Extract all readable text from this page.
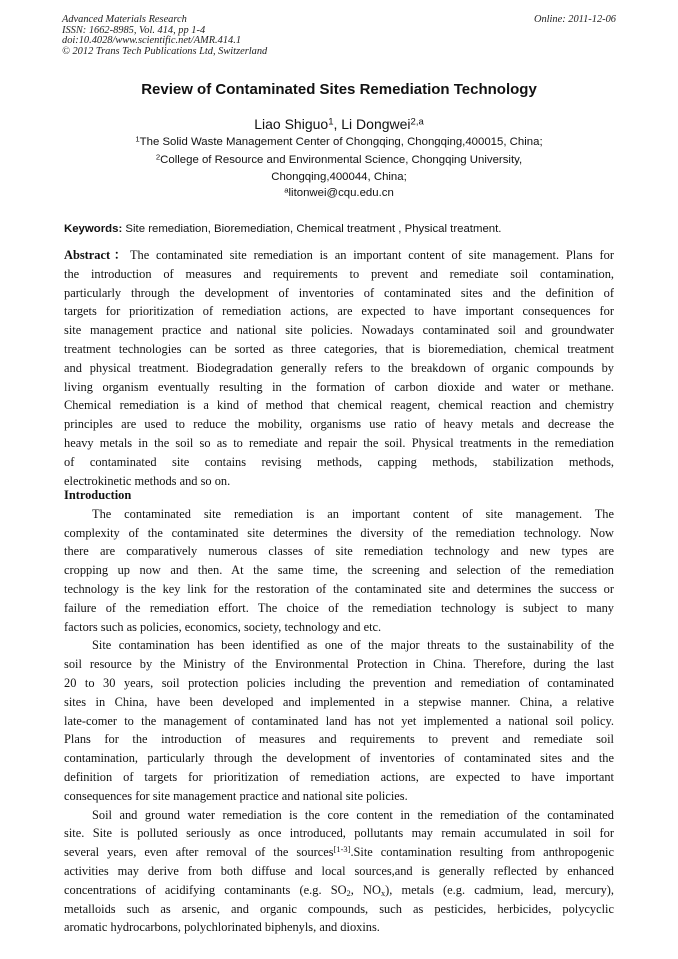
Advanced Materials Research
ISSN: 1662-8985, Vol. 414, pp 1-4
doi:10.4028/www.scientific.net/AMR.414.1
© 2012 Trans Tech Publications Ltd, Switzerland
Online: 2011-12-06
Review of Contaminated Sites Remediation Technology
Liao Shiguo$^1$, Li Dongwei$^{2,a}$
$^1$The Solid Waste Management Center of Chongqing, Chongqing,400015, China;
$^2$College of Resource and Environmental Science, Chongqing University,
Chongqing,400044, China;
$^a$litonwei@cqu.edu.cn
Keywords: Site remediation, Bioremediation, Chemical treatment , Physical treatment.
Abstract：The contaminated site remediation is an important content of site management. Plans for
the introduction of measures and requirements to prevent and remediate soil contamination,
particularly through the development of inventories of contaminated sites and the definition of
targets for prioritization of remediation actions, are expected to have important consequences for
site management practice and national site policies. Nowadays contaminated soil and groundwater
treatment technologies can be sorted as three categories, that is bioremediation, chemical treatment
and physical treatment. Biodegradation generally refers to the breakdown of organic compounds by
living organism eventually resulting in the formation of carbon dioxide and water or methane.
Chemical remediation is a kind of method that chemical reagent, chemical reaction and chemistry
principles are used to reduce the mobility, organisms use ratio of heavy metals and decrease the
heavy metals in the soil so as to remediate and repair the soil. Physical treatments in the remediation
of contaminated site contains revising methods, capping methods, stabilization methods,
electrokinetic methods and so on.
Introduction
The contaminated site remediation is an important content of site management. The
complexity of the contaminated site determines the diversity of the remediation technology. Now
there are comparatively numerous classes of site remediation technology and new types are
cropping up now and then. At the same time, the screening and selection of the remediation
technology is the key link for the restoration of the contaminated site and determines the success or
failure of the remediation effort. The choice of the remediation technology is subject to many
factors such as policies, economics, society, technology and etc.
Site contamination has been identified as one of the major threats to the sustainability of the
soil resource by the Ministry of the Environmental Protection in China. Therefore, during the last
20 to 30 years, soil protection policies including the prevention and remediation of contaminated
sites in China, have been developed and implemented in a stepwise manner. China, a relative
late-comer to the management of contaminated land has not yet implemented a national soil policy.
Plans for the introduction of measures and requirements to prevent and remediate soil
contamination, particularly through the development of inventories of contaminated sites and the
definition of targets for prioritization of remediation actions, are expected to have important
consequences for site management practice and national site policies.
Soil and ground water remediation is the core content in the remediation of the contaminated
site. Site is polluted seriously as once introduced, pollutants may remain accumulated in soil for
several years, even after removal of the sources[1-3].Site contamination resulting from anthropogenic
activities may derive from both diffuse and local sources,and is generally reflected by enhanced
concentrations of acidifying contaminants (e.g. $SO_2$, $NO_x$), metals (e.g. cadmium, lead, mercury),
metalloids such as arsenic, and organic compounds, such as pesticides, herbicides, polycyclic
aromatic hydrocarbons, polychlorinated biphenyls, and dioxins.
